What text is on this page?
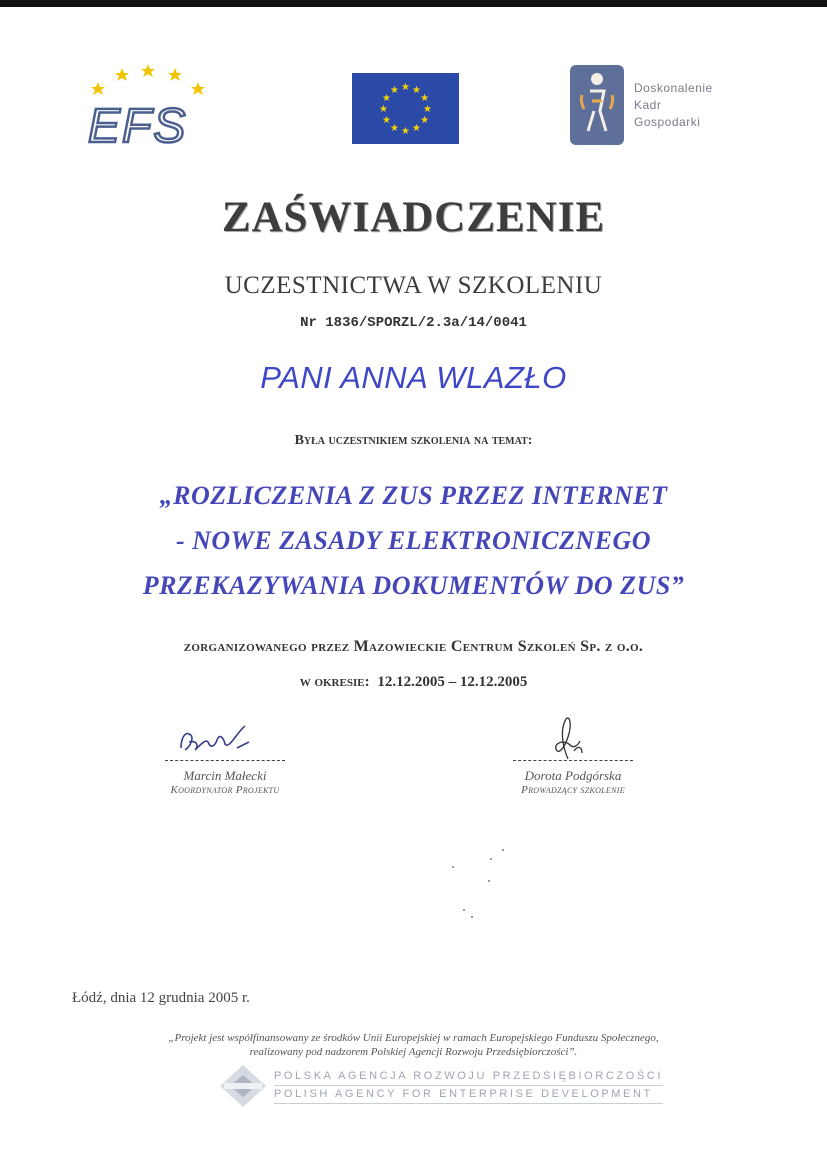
EFS
★ ★
★
★
★
★
★
★
★
★
★
★	Doskonalenie
Kadr
Gospodarki
ZAŚWIADCZENIE
UCZESTNICTWA W SZKOLENIU
Nr 1836/SPORZL/2.3a/14/0041
PANI ANNA WLAZŁO
Była uczestnikiem szkolenia na temat:
„ROZLICZENIA Z ZUS PRZEZ INTERNET
- NOWE ZASADY ELEKTRONICZNEGO
PRZEKAZYWANIA DOKUMENTÓW DO ZUS”
zorganizowanego przez Mazowieckie Centrum Szkoleń Sp. z o.o.
w okresie: 12.12.2005 – 12.12.2005
Marcin Małecki
Koordynator Projektu
Dorota Podgórska
Prowadzący szkolenie
Łódź, dnia 12 grudnia 2005 r.
„Projekt jest współfinansowany ze środków Unii Europejskiej w ramach Europejskiego Funduszu Społecznego,
realizowany pod nadzorem Polskiej Agencji Rozwoju Przedsiębiorczości”.
POLSKA AGENCJA ROZWOJU PRZEDSIĘBIORCZOŚCI
POLISH AGENCY FOR ENTERPRISE DEVELOPMENT
